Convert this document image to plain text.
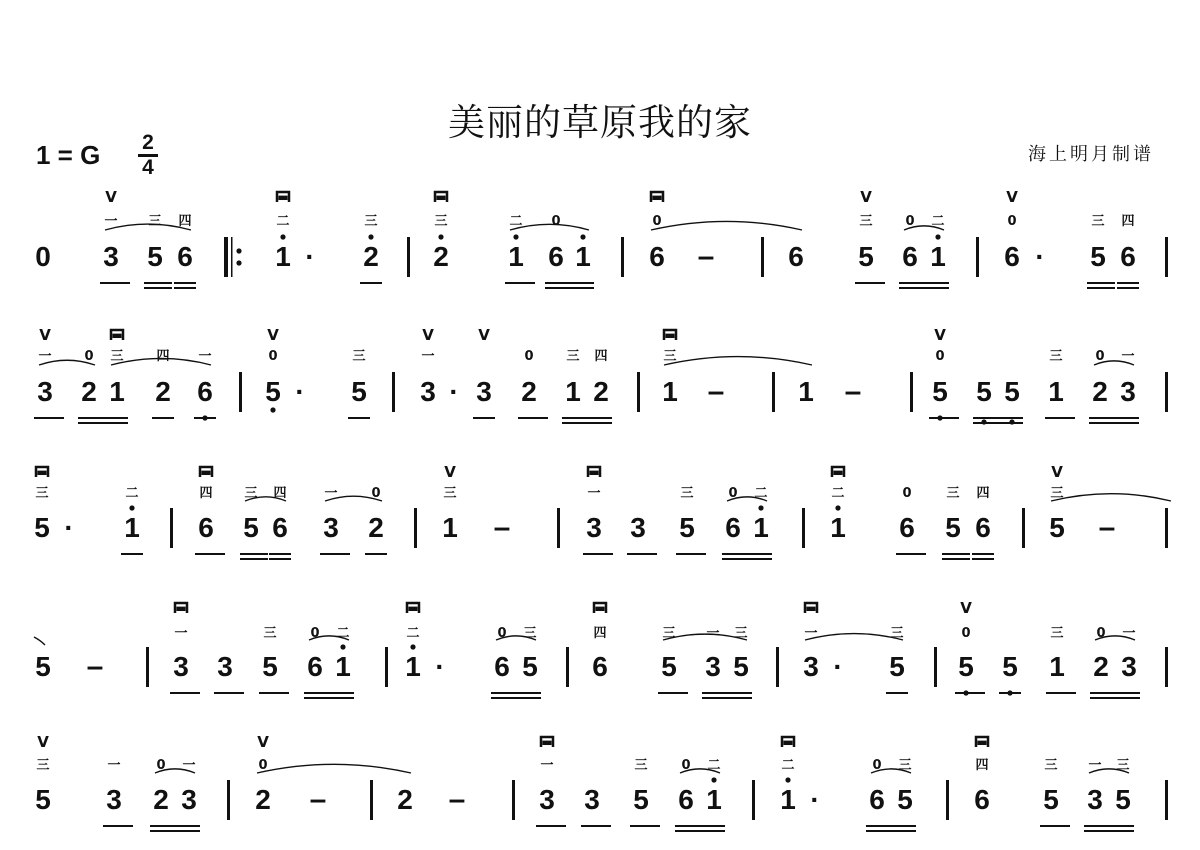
美丽的草原我的家
海上明月制谱
1 = G 2
4
0 3
一
V
5
三
6
四
1
二
▬
· 2
三
2
三
▬
1
二
6
0
1 6
0
▬
–	6 5
三
V
6
0
1
二
6
0
V
· 5
三
6
四
3
一
V
2
0
1
三
▬
2
四
6
一
5
0
V
· 5
三
3
一
V
· 3
V
2
0
1
三
2
四
1
三
▬
–	1 –	5
0
V
5 5 1
三
2
0
3
一
5
三
▬
· 1
二
6
四
▬
5
三
6
四
3
一
2
0
1
三
V
–	3
一
▬
3 5
三
6
0
1
二
1
二
▬
6
0
5
三
6
四
5
三
V
–
5 – 3
一
▬
3 5
三
6
0
1
二
1
二
▬
· 6
0
5
三
6
四
▬
5
三
3
一
5
三
3
一
▬
· 5
三
5
0
V
5 1
三
2
0
3
一
5
三
V
3
一
2
0
3
一
2
0
V
–	2 –	3
一
▬
3 5
三
6
0
1
二
1
二
▬
· 6
0
5
三
6
四
▬
5
三
3
一
5
三
